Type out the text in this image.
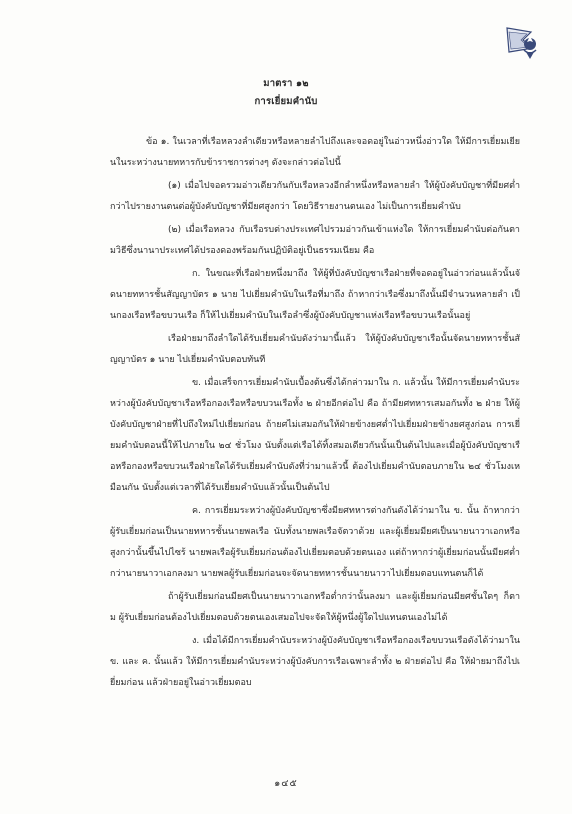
มาตรา ๑๒
การเยี่ยมคำนับ

ข้อ ๑. ในเวลาที่เรือหลวงลำเดียวหรือหลายลำไปถึงและจอดอยู่ในอ่าวหนึ่งอ่าวใด ให้มีการเยี่ยมเยียนในระหว่างนายทหารกับข้าราชการต่างๆ ดังจะกล่าวต่อไปนี้

(๑) เมื่อไปจอดรวมอ่าวเดียวกันกับเรือหลวงอีกลำหนึ่งหรือหลายลำ ให้ผู้บังคับบัญชาที่มียศต่ำกว่าไปรายงานตนต่อผู้บังคับบัญชาที่มียศสูงกว่า โดยวิธีรายงานตนเอง ไม่เป็นการเยี่ยมคำนับ

(๒) เมื่อเรือหลวง กับเรือรบต่างประเทศไปรวมอ่าวกันเข้าแห่งใด ให้การเยี่ยมคำนับต่อกันตามวิธีซึ่งนานาประเทศได้ปรองดองพร้อมกันปฏิบัติอยู่เป็นธรรมเนียม คือ

ก. ในขณะที่เรือฝ่ายหนึ่งมาถึง ให้ผู้ที่บังคับบัญชาเรือฝ่ายที่จอดอยู่ในอ่าวก่อนแล้วนั้นจัดนายทหารชั้นสัญญาบัตร ๑ นาย ไปเยี่ยมคำนับในเรือที่มาถึง ถ้าหากว่าเรือซึ่งมาถึงนั้นมีจำนวนหลายลำ เป็นกองเรือหรือขบวนเรือ ก็ให้ไปเยี่ยมคำนับในเรือลำซึ่งผู้บังคับบัญชาแห่งเรือหรือขบวนเรือนั้นอยู่

เรือฝ่ายมาถึงลำใดได้รับเยี่ยมคำนับดังว่ามานี้แล้ว ให้ผู้บังคับบัญชาเรือนั้นจัดนายทหารชั้นสัญญาบัตร ๑ นาย ไปเยี่ยมคำนับตอบทันที

ข. เมื่อเสร็จการเยี่ยมคำนับเบื้องต้นซึ่งได้กล่าวมาใน ก. แล้วนั้น ให้มีการเยี่ยมคำนับระหว่างผู้บังคับบัญชาเรือหรือกองเรือหรือขบวนเรือทั้ง ๒ ฝ่ายอีกต่อไป คือ ถ้ามียศทหารเสมอกันทั้ง ๒ ฝ่าย ให้ผู้บังคับบัญชาฝ่ายที่ไปถึงใหม่ไปเยี่ยมก่อน ถ้ายศไม่เสมอกันให้ฝ่ายข้างยศต่ำไปเยี่ยมฝ่ายข้างยศสูงก่อน การเยี่ยมคำนับตอนนี้ให้ไปภายใน ๒๔ ชั่วโมง นับตั้งแต่เรือได้ทิ้งสมอเดียวกันนั้นเป็นต้นไปและเมื่อผู้บังคับบัญชาเรือหรือกองหรือขบวนเรือฝ่ายใดได้รับเยี่ยมคำนับดังที่ว่ามาแล้วนี้ ต้องไปเยี่ยมคำนับตอบภายใน ๒๔ ชั่วโมงเหมือนกัน นับตั้งแต่เวลาที่ได้รับเยี่ยมคำนับแล้วนั้นเป็นต้นไป

ค. การเยี่ยมระหว่างผู้บังคับบัญชาซึ่งมียศทหารต่างกันดังได้ว่ามาใน ข. นั้น ถ้าหากว่าผู้รับเยี่ยมก่อนเป็นนายทหารชั้นนายพลเรือ นับทั้งนายพลเรือจัตวาด้วย และผู้เยี่ยมมียศเป็นนายนาวาเอกหรือสูงกว่านั้นขึ้นไปไซร้ นายพลเรือผู้รับเยี่ยมก่อนต้องไปเยี่ยมตอบด้วยตนเอง แต่ถ้าหากว่าผู้เยี่ยมก่อนนั้นมียศต่ำกว่านายนาวาเอกลงมา นายพลผู้รับเยี่ยมก่อนจะจัดนายทหารชั้นนายนาวาไปเยี่ยมตอบแทนตนก็ได้

ถ้าผู้รับเยี่ยมก่อนมียศเป็นนายนาวาเอกหรือต่ำกว่านั้นลงมา และผู้เยี่ยมก่อนมียศชั้นใดๆ ก็ตาม ผู้รับเยี่ยมก่อนต้องไปเยี่ยมตอบด้วยตนเองเสมอไปจะจัดให้ผู้หนึ่งผู้ใดไปแทนตนเองไม่ได้

ง. เมื่อได้มีการเยี่ยมคำนับระหว่างผู้บังคับบัญชาเรือหรือกองเรือขบวนเรือดังได้ว่ามาใน ข. และ ค. นั้นแล้ว ให้มีการเยี่ยมคำนับระหว่างผู้บังคับการเรือเฉพาะลำทั้ง ๒ ฝ่ายต่อไป คือ ให้ฝ่ายมาถึงไปเยี่ยมก่อน แล้วฝ่ายอยู่ในอ่าวเยี่ยมตอบ

๑๔๕
